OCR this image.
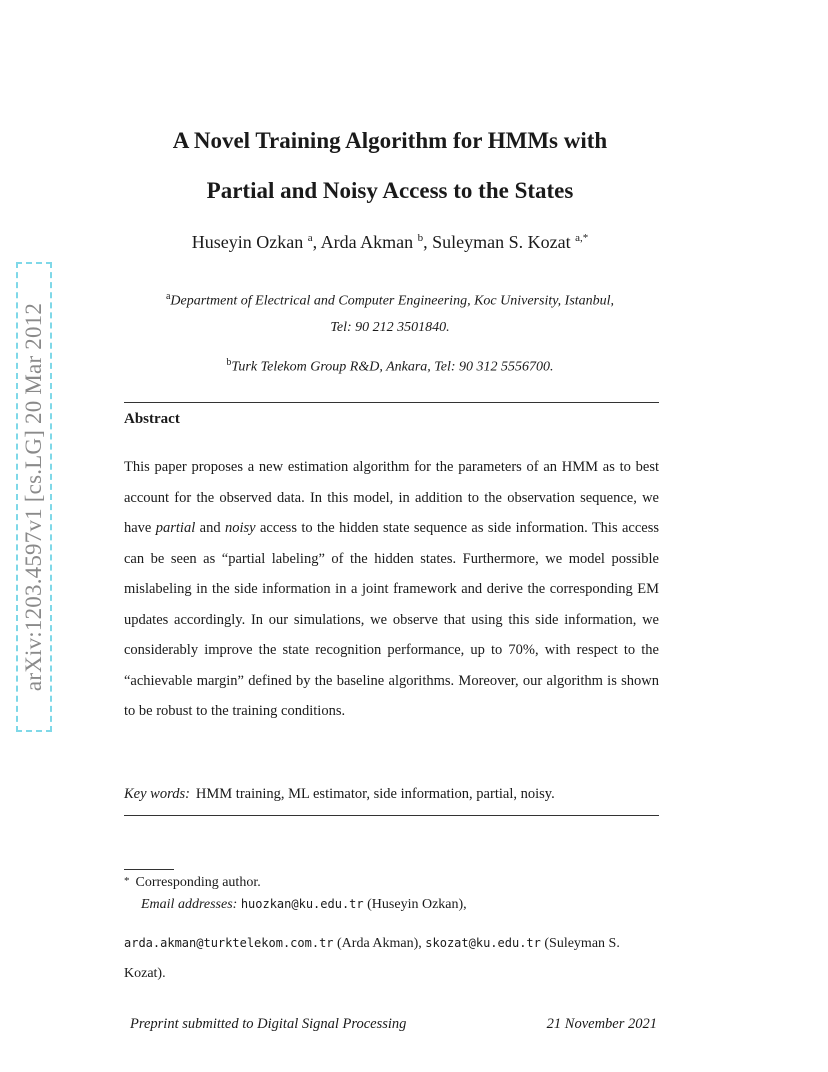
arXiv:1203.4597v1 [cs.LG] 20 Mar 2012
A Novel Training Algorithm for HMMs with
Partial and Noisy Access to the States
Huseyin Ozkan $^a$, Arda Akman $^b$, Suleyman S. Kozat $^{a,*}$
$^a$Department of Electrical and Computer Engineering, Koc University, Istanbul,
Tel: 90 212 3501840.
$^b$Turk Telekom Group R&D, Ankara, Tel: 90 312 5556700.
Abstract

This paper proposes a new estimation algorithm for the parameters of an HMM as to best account for the observed data. In this model, in addition to the observation sequence, we have partial and noisy access to the hidden state sequence as side information. This access can be seen as “partial labeling” of the hidden states. Furthermore, we model possible mislabeling in the side information in a joint framework and derive the corresponding EM updates accordingly. In our simulations, we observe that using this side information, we considerably improve the state recognition performance, up to 70%, with respect to the “achievable margin” defined by the baseline algorithms. Moreover, our algorithm is shown to be robust to the training conditions.

Key words: HMM training, ML estimator, side information, partial, noisy.
* Corresponding author.
Email addresses: huozkan@ku.edu.tr (Huseyin Ozkan),
arda.akman@turktelekom.com.tr (Arda Akman), skozat@ku.edu.tr (Suleyman S. Kozat).
Preprint submitted to Digital Signal Processing	21 November 2021
